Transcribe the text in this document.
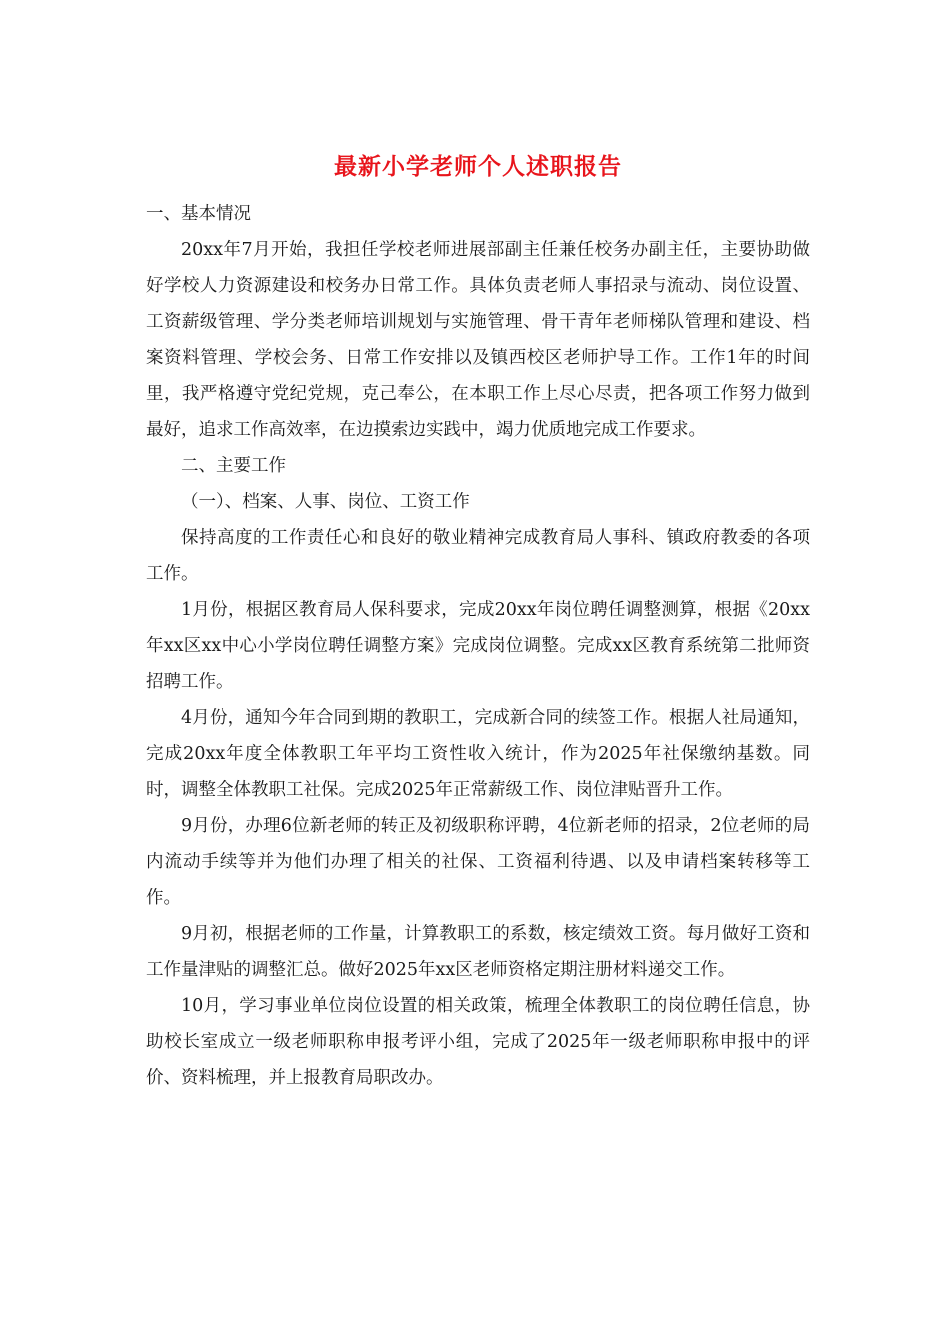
最新小学老师个人述职报告

一、基本情况

20xx年7月开始，我担任学校老师进展部副主任兼任校务办副主任，主要协助做好学校人力资源建设和校务办日常工作。具体负责老师人事招录与流动、岗位设置、工资薪级管理、学分类老师培训规划与实施管理、骨干青年老师梯队管理和建设、档案资料管理、学校会务、日常工作安排以及镇西校区老师护导工作。工作1年的时间里，我严格遵守党纪党规，克己奉公，在本职工作上尽心尽责，把各项工作努力做到最好，追求工作高效率，在边摸索边实践中，竭力优质地完成工作要求。

二、主要工作

（一）、档案、人事、岗位、工资工作

保持高度的工作责任心和良好的敬业精神完成教育局人事科、镇政府教委的各项工作。

1月份，根据区教育局人保科要求，完成20xx年岗位聘任调整测算，根据《20xx年xx区xx中心小学岗位聘任调整方案》完成岗位调整。完成xx区教育系统第二批师资招聘工作。

4月份，通知今年合同到期的教职工，完成新合同的续签工作。根据人社局通知，完成20xx年度全体教职工年平均工资性收入统计，作为2025年社保缴纳基数。同时，调整全体教职工社保。完成2025年正常薪级工作、岗位津贴晋升工作。

9月份，办理6位新老师的转正及初级职称评聘，4位新老师的招录，2位老师的局内流动手续等并为他们办理了相关的社保、工资福利待遇、以及申请档案转移等工作。

9月初，根据老师的工作量，计算教职工的系数，核定绩效工资。每月做好工资和工作量津贴的调整汇总。做好2025年xx区老师资格定期注册材料递交工作。

10月，学习事业单位岗位设置的相关政策，梳理全体教职工的岗位聘任信息，协助校长室成立一级老师职称申报考评小组，完成了2025年一级老师职称申报中的评价、资料梳理，并上报教育局职改办。
